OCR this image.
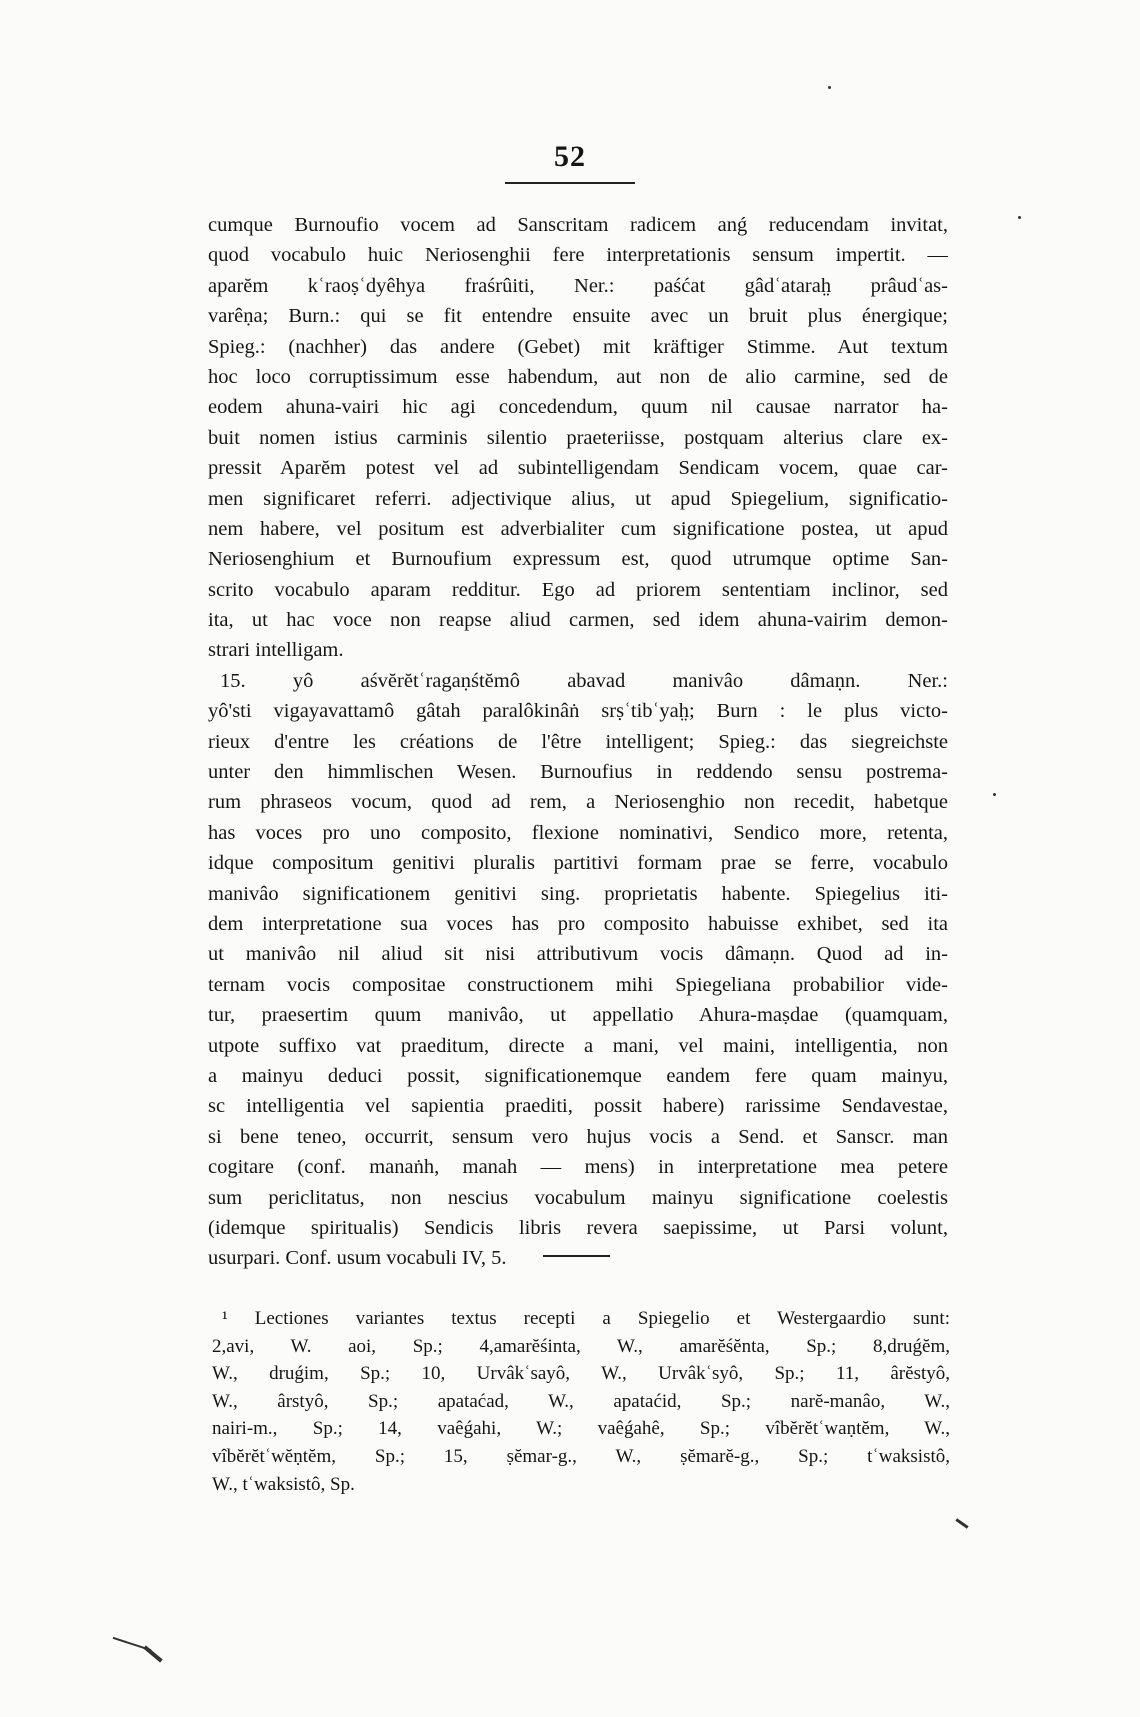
52
cumque Burnoufio vocem ad Sanscritam radicem anǵ reducendam invitat,
quod vocabulo huic Neriosenghii fere interpretationis sensum impertit. —
aparĕm kʿraoṣʿdyêhya fraśrûiti, Ner.: paśćat gâdʿatarah̤ prâudʿas-
varêṇa; Burn.: qui se fit entendre ensuite avec un bruit plus énergique;
Spieg.: (nachher) das andere (Gebet) mit kräftiger Stimme. Aut textum
hoc loco corruptissimum esse habendum, aut non de alio carmine, sed de
eodem ahuna-vairi hic agi concedendum, quum nil causae narrator ha-
buit nomen istius carminis silentio praeteriisse, postquam alterius clare ex-
pressit Aparĕm potest vel ad subintelligendam Sendicam vocem, quae car-
men significaret referri. adjectivique alius, ut apud Spiegelium, significatio-
nem habere, vel positum est adverbialiter cum significatione postea, ut apud
Neriosenghium et Burnoufium expressum est, quod utrumque optime San-
scrito vocabulo aparam redditur. Ego ad priorem sententiam inclinor, sed
ita, ut hac voce non reapse aliud carmen, sed idem ahuna-vairim demon-
strari intelligam.
15. yô aśvĕrĕtʿragaṇśtĕmô abavad manivâo dâmaṇn. Ner.:
yô'sti vigayavattamô gâtah paralôkinâṅ srṣʿtibʿyah̤; Burn : le plus victo-
rieux d'entre les créations de l'être intelligent; Spieg.: das siegreichste
unter den himmlischen Wesen. Burnoufius in reddendo sensu postrema-
rum phraseos vocum, quod ad rem, a Neriosenghio non recedit, habetque
has voces pro uno composito, flexione nominativi, Sendico more, retenta,
idque compositum genitivi pluralis partitivi formam prae se ferre, vocabulo
manivâo significationem genitivi sing. proprietatis habente. Spiegelius iti-
dem interpretatione sua voces has pro composito habuisse exhibet, sed ita
ut manivâo nil aliud sit nisi attributivum vocis dâmaṇn. Quod ad in-
ternam vocis compositae constructionem mihi Spiegeliana probabilior vide-
tur, praesertim quum manivâo, ut appellatio Ahura-maṣdae (quamquam,
utpote suffixo vat praeditum, directe a mani, vel maini, intelligentia, non
a mainyu deduci possit, significationemque eandem fere quam mainyu,
sc intelligentia vel sapientia praediti, possit habere) rarissime Sendavestae,
si bene teneo, occurrit, sensum vero hujus vocis a Send. et Sanscr. man
cogitare (conf. manaṅh, manah — mens) in interpretatione mea petere
sum periclitatus, non nescius vocabulum mainyu significatione coelestis
(idemque spiritualis) Sendicis libris revera saepissime, ut Parsi volunt,
usurpari. Conf. usum vocabuli IV, 5.
¹ Lectiones variantes textus recepti a Spiegelio et Westergaardio sunt:
2,avi, W. aoi, Sp.; 4,amarĕśinta, W., amarĕśĕnta, Sp.; 8,druǵĕm,
W., druǵim, Sp.; 10, Urvâkʿsayô, W., Urvâkʿsyô, Sp.; 11, ârĕstyô,
W., ârstyô, Sp.; apataćad, W., apataćid, Sp.; narĕ-manâo, W.,
nairi-m., Sp.; 14, vaêǵahi, W.; vaêǵahê, Sp.; vîbĕrĕtʿwaṇtĕm, W.,
vîbĕrĕtʿwĕṇtĕm, Sp.; 15, ṣĕmar-g., W., ṣĕmarĕ-g., Sp.; tʿwaksistô,
W., tʿwaksistô, Sp.
